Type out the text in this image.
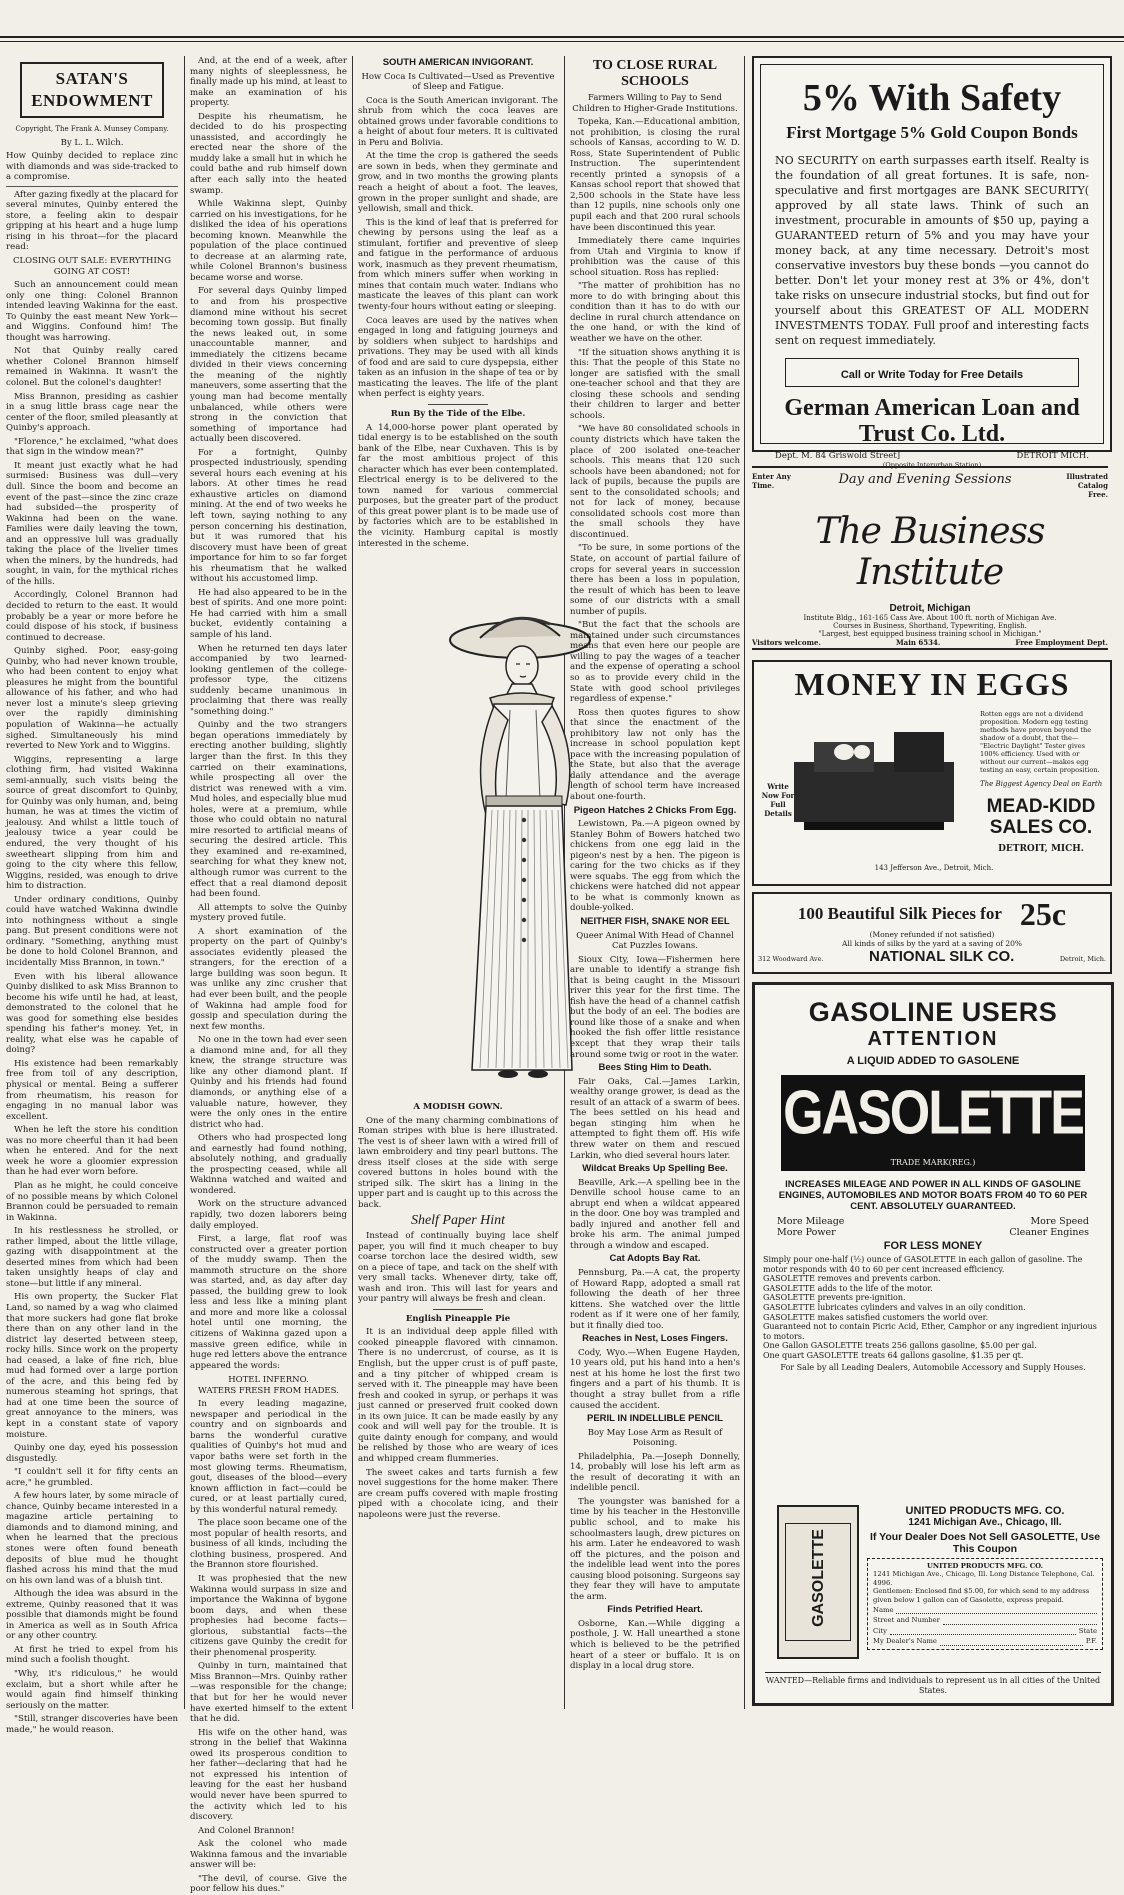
SATAN'S ENDOWMENT

Copyright, The Frank A. Munsey Company.

By L. L. Wilch.

How Quinby decided to replace zinc with diamonds and was side-tracked to a compromise.

After gazing fixedly at the placard for several minutes, Quinby entered the store, a feeling akin to despair gripping at his heart and a huge lump rising in his throat—for the placard read:

CLOSING OUT SALE: EVERYTHING GOING AT COST!

Such an announcement could mean only one thing: Colonel Brannon intended leaving Wakinna for the east. To Quinby the east meant New York—and Wiggins. Confound him! The thought was harrowing.

Not that Quinby really cared whether Colonel Brannon himself remained in Wakinna. It wasn't the colonel. But the colonel's daughter!

Miss Brannon, presiding as cashier in a snug little brass cage near the center of the floor, smiled pleasantly at Quinby's approach.

"Florence," he exclaimed, "what does that sign in the window mean?"

It meant just exactly what he had surmised: Business was dull—very dull. Since the boom and become an event of the past—since the zinc craze had subsided—the prosperity of Wakinna had been on the wane. Families were daily leaving the town, and an oppressive lull was gradually taking the place of the livelier times when the miners, by the hundreds, had sought, in vain, for the mythical riches of the hills.

Accordingly, Colonel Brannon had decided to return to the east. It would probably be a year or more before he could dispose of his stock, if business continued to decrease.

Quinby sighed. Poor, easy-going Quinby, who had never known trouble, who had been content to enjoy what pleasures he might from the bountiful allowance of his father, and who had never lost a minute's sleep grieving over the rapidly diminishing population of Wakinna—he actually sighed. Simultaneously his mind reverted to New York and to Wiggins.

Wiggins, representing a large clothing firm, had visited Wakinna semi-annually, such visits being the source of great discomfort to Quinby, for Quinby was only human, and, being human, he was at times the victim of jealousy. And whilst a little touch of jealousy twice a year could be endured, the very thought of his sweetheart slipping from him and going to the city where this fellow, Wiggins, resided, was enough to drive him to distraction.

Under ordinary conditions, Quinby could have watched Wakinna dwindle into nothingness without a single pang. But present conditions were not ordinary. "Something, anything must be done to hold Colonel Brannon, and incidentally Miss Brannon, in town."

Even with his liberal allowance Quinby disliked to ask Miss Brannon to become his wife until he had, at least, demonstrated to the colonel that he was good for something else besides spending his father's money. Yet, in reality, what else was he capable of doing?

His existence had been remarkably free from toil of any description, physical or mental. Being a sufferer from rheumatism, his reason for engaging in no manual labor was excellent.

When he left the store his condition was no more cheerful than it had been when he entered. And for the next week he wore a gloomier expression than he had ever worn before.

Plan as he might, he could conceive of no possible means by which Colonel Brannon could be persuaded to remain in Wakinna.

In his restlessness he strolled, or rather limped, about the little village, gazing with disappointment at the deserted mines from which had been taken unsightly heaps of clay and stone—but little if any mineral.

His own property, the Sucker Flat Land, so named by a wag who claimed that more suckers had gone flat broke there than on any other land in the district lay deserted between steep, rocky hills. Since work on the property had ceased, a lake of fine rich, blue mud had formed over a large portion of the acre, and this being fed by numerous steaming hot springs, that had at one time been the source of great annoyance to the miners, was kept in a constant state of vapory moisture.

Quinby one day, eyed his possession disgustedly.

"I couldn't sell it for fifty cents an acre," he grumbled.

A few hours later, by some miracle of chance, Quinby became interested in a magazine article pertaining to diamonds and to diamond mining, and when he learned that the precious stones were often found beneath deposits of blue mud he thought flashed across his mind that the mud on his own land was of a bluish tint.

Although the idea was absurd in the extreme, Quinby reasoned that it was possible that diamonds might be found in America as well as in South Africa or any other country.

At first he tried to expel from his mind such a foolish thought.

"Why, it's ridiculous," he would exclaim, but a short while after he would again find himself thinking seriously on the matter.

"Still, stranger discoveries have been made," he would reason.

And, at the end of a week, after many nights of sleeplessness, he finally made up his mind, at least to make an examination of his property.

Despite his rheumatism, he decided to do his prospecting unassisted, and accordingly he erected near the shore of the muddy lake a small hut in which he could bathe and rub himself down after each sally into the heated swamp.

While Wakinna slept, Quinby carried on his investigations, for he disliked the idea of his operations becoming known. Meanwhile the population of the place continued to decrease at an alarming rate, while Colonel Brannon's business became worse and worse.

For several days Quinby limped to and from his prospective diamond mine without his secret becoming town gossip. But finally the news leaked out, in some unaccountable manner, and immediately the citizens became divided in their views concerning the meaning of the nightly maneuvers, some asserting that the young man had become mentally unbalanced, while others were strong in the conviction that something of importance had actually been discovered.

For a fortnight, Quinby prospected industriously, spending several hours each evening at his labors. At other times he read exhaustive articles on diamond mining. At the end of two weeks he left town, saying nothing to any person concerning his destination, but it was rumored that his discovery must have been of great importance for him to so far forget his rheumatism that he walked without his accustomed limp.

He had also appeared to be in the best of spirits. And one more point: He had carried with him a small bucket, evidently containing a sample of his land.

When he returned ten days later accompanied by two learned-looking gentlemen of the college-professor type, the citizens suddenly became unanimous in proclaiming that there was really "something doing."

Quinby and the two strangers began operations immediately by erecting another building, slightly larger than the first. In this they carried on their examinations, while prospecting all over the district was renewed with a vim. Mud holes, and especially blue mud holes, were at a premium, while those who could obtain no natural mire resorted to artificial means of securing the desired article. This they examined and re-examined, searching for what they knew not, although rumor was current to the effect that a real diamond deposit had been found.

All attempts to solve the Quinby mystery proved futile.

A short examination of the property on the part of Quinby's associates evidently pleased the strangers, for the erection of a large building was soon begun. It was unlike any zinc crusher that had ever been built, and the people of Wakinna had ample food for gossip and speculation during the next few months.

No one in the town had ever seen a diamond mine and, for all they knew, the strange structure was like any other diamond plant. If Quinby and his friends had found diamonds, or anything else of a valuable nature, however, they were the only ones in the entire district who had.

Others who had prospected long and earnestly had found nothing, absolutely nothing, and gradually the prospecting ceased, while all Wakinna watched and waited and wondered.

Work on the structure advanced rapidly, two dozen laborers being daily employed.

First, a large, flat roof was constructed over a greater portion of the muddy swamp. Then the mammoth structure on the shore was started, and, as day after day passed, the building grew to look less and less like a mining plant and more and more like a colossal hotel until one morning, the citizens of Wakinna gazed upon a massive green edifice, while in huge red letters above the entrance appeared the words:

HOTEL INFERNO.

WATERS FRESH FROM HADES.

In every leading magazine, newspaper and periodical in the country and on signboards and barns the wonderful curative qualities of Quinby's hot mud and vapor baths were set forth in the most glowing terms. Rheumatism, gout, diseases of the blood—every known affliction in fact—could be cured, or at least partially cured, by this wonderful natural remedy.

The place soon became one of the most popular of health resorts, and business of all kinds, including the clothing business, prospered. And the Brannon store flourished.

It was prophesied that the new Wakinna would surpass in size and importance the Wakinna of bygone boom days, and when these prophesies had become facts—glorious, substantial facts—the citizens gave Quinby the credit for their phenomenal prosperity.

Quinby in turn, maintained that Miss Brannon—Mrs. Quinby rather—was responsible for the change; that but for her he would never have exerted himself to the extent that he did.

His wife on the other hand, was strong in the belief that Wakinna owed its prosperous condition to her father—declaring that had he not expressed his intention of leaving for the east her husband would never have been spurred to the activity which led to his discovery.

And Colonel Brannon!

Ask the colonel who made Wakinna famous and the invariable answer will be:

"The devil, of course. Give the poor fellow his dues."

SOUTH AMERICAN INVIGORANT.

How Coca Is Cultivated—Used as Preventive of Sleep and Fatigue.

Coca is the South American invigorant. The shrub from which the coca leaves are obtained grows under favorable conditions to a height of about four meters. It is cultivated in Peru and Bolivia.

At the time the crop is gathered the seeds are sown in beds, when they germinate and grow, and in two months the growing plants reach a height of about a foot. The leaves, grown in the proper sunlight and shade, are yellowish, small and thick.

This is the kind of leaf that is preferred for chewing by persons using the leaf as a stimulant, fortifier and preventive of sleep and fatigue in the performance of arduous work, inasmuch as they prevent rheumatism, from which miners suffer when working in mines that contain much water. Indians who masticate the leaves of this plant can work twenty-four hours without eating or sleeping.

Coca leaves are used by the natives when engaged in long and fatiguing journeys and by soldiers when subject to hardships and privations. They may be used with all kinds of food and are said to cure dyspepsia, either taken as an infusion in the shape of tea or by masticating the leaves. The life of the plant when perfect is eighty years.

Run By the Tide of the Elbe.

A 14,000-horse power plant operated by tidal energy is to be established on the south bank of the Elbe, near Cuxhaven. This is by far the most ambitious project of this character which has ever been contemplated. Electrical energy is to be delivered to the town named for various commercial purposes, but the greater part of the product of this great power plant is to be made use of by factories which are to be established in the vicinity. Hamburg capital is mostly interested in the scheme.

A MODISH GOWN.

One of the many charming combinations of Roman stripes with blue is here illustrated. The vest is of sheer lawn with a wired frill of lawn embroidery and tiny pearl buttons. The dress itself closes at the side with serge covered buttons in holes bound with the striped silk. The skirt has a lining in the upper part and is caught up to this across the back.

Shelf Paper Hint

Instead of continually buying lace shelf paper, you will find it much cheaper to buy coarse torchon lace the desired width, sew on a piece of tape, and tack on the shelf with very small tacks. Whenever dirty, take off, wash and iron. This will last for years and your pantry will always be fresh and clean.

English Pineapple Pie

It is an individual deep apple filled with cooked pineapple flavored with cinnamon. There is no undercrust, of course, as it is English, but the upper crust is of puff paste, and a tiny pitcher of whipped cream is served with it. The pineapple may have been fresh and cooked in syrup, or perhaps it was just canned or preserved fruit cooked down in its own juice. It can be made easily by any cook and will well pay for the trouble. It is quite dainty enough for company, and would be relished by those who are weary of ices and whipped cream flummeries.

The sweet cakes and tarts furnish a few novel suggestions for the home maker. There are cream puffs covered with maple frosting piped with a chocolate icing, and their napoleons were just the reverse.

TO CLOSE RURAL SCHOOLS

Farmers Willing to Pay to Send Children to Higher-Grade Institutions.

Topeka, Kan.—Educational ambition, not prohibition, is closing the rural schools of Kansas, according to W. D. Ross, State Superintendent of Public Instruction. The superintendent recently printed a synopsis of a Kansas school report that showed that 2,500 schools in the State have less than 12 pupils, nine schools only one pupil each and that 200 rural schools have been discontinued this year.

Immediately there came inquiries from Utah and Virginia to know if prohibition was the cause of this school situation. Ross has replied:

"The matter of prohibition has no more to do with bringing about this condition than it has to do with our decline in rural church attendance on the one hand, or with the kind of weather we have on the other.

"If the situation shows anything it is this: That the people of this State no longer are satisfied with the small one-teacher school and that they are closing these schools and sending their children to larger and better schools.

"We have 80 consolidated schools in county districts which have taken the place of 200 isolated one-teacher schools. This means that 120 such schools have been abandoned; not for lack of pupils, because the pupils are sent to the consolidated schools; and not for lack of money, because consolidated schools cost more than the small schools they have discontinued.

"To be sure, in some portions of the State, on account of partial failure of crops for several years in succession there has been a loss in population, the result of which has been to leave some of our districts with a small number of pupils.

"But the fact that the schools are maintained under such circumstances means that even here our people are willing to pay the wages of a teacher and the expense of operating a school so as to provide every child in the State with good school privileges regardless of expense."

Ross then quotes figures to show that since the enactment of the prohibitory law not only has the increase in school population kept pace with the increasing population of the State, but also that the average daily attendance and the average length of school term have increased about one-fourth.

Pigeon Hatches 2 Chicks From Egg.

Lewistown, Pa.—A pigeon owned by Stanley Bohm of Bowers hatched two chickens from one egg laid in the pigeon's nest by a hen. The pigeon is caring for the two chicks as if they were squabs. The egg from which the chickens were hatched did not appear to be what is commonly known as double-yolked.

NEITHER FISH, SNAKE NOR EEL

Queer Animal With Head of Channel Cat Puzzles Iowans.

Sioux City, Iowa—Fishermen here are unable to identify a strange fish that is being caught in the Missouri river this year for the first time. The fish have the head of a channel catfish but the body of an eel. The bodies are round like those of a snake and when hooked the fish offer little resistance except that they wrap their tails around some twig or root in the water.

Bees Sting Him to Death.

Fair Oaks, Cal.—James Larkin, wealthy orange grower, is dead as the result of an attack of a swarm of bees. The bees settled on his head and began stinging him when he attempted to fight them off. His wife threw water on them and rescued Larkin, who died several hours later.

Wildcat Breaks Up Spelling Bee.

Beaville, Ark.—A spelling bee in the Denville school house came to an abrupt end when a wildcat appeared in the door. One boy was trampled and badly injured and another fell and broke his arm. The animal jumped through a window and escaped.

Cat Adopts Bay Rat.

Pennsburg, Pa.—A cat, the property of Howard Rapp, adopted a small rat following the death of her three kittens. She watched over the little rodent as if it were one of her family, but it finally died too.

Reaches in Nest, Loses Fingers.

Cody, Wyo.—When Eugene Hayden, 10 years old, put his hand into a hen's nest at his home he lost the first two fingers and a part of his thumb. It is thought a stray bullet from a rifle caused the accident.

PERIL IN INDELLIBLE PENCIL

Boy May Lose Arm as Result of Poisoning.

Philadelphia, Pa.—Joseph Donnelly, 14, probably will lose his left arm as the result of decorating it with an indelible pencil.

The youngster was banished for a time by his teacher in the Hestonville public school, and to make his schoolmasters laugh, drew pictures on his arm. Later he endeavored to wash off the pictures, and the poison and the indelible lead went into the pores causing blood poisoning. Surgeons say they fear they will have to amputate the arm.

Finds Petrified Heart.

Osborne, Kan.—While digging a posthole, J. W. Hall unearthed a stone which is believed to be the petrified heart of a steer or buffalo. It is on display in a local drug store.

5% With Safety
First Mortgage 5% Gold Coupon Bonds
NO SECURITY on earth surpasses earth itself. Realty is the foundation of all great fortunes. It is safe, non-speculative and first mortgages are BANK SECURITY( approved by all state laws. Think of such an investment, procurable in amounts of $50 up, paying a GUARANTEED return of 5% and you may have your money back, at any time necessary. Detroit's most conservative investors buy these bonds —you cannot do better. Don't let your money rest at 3% or 4%, don't take risks on unsecure industrial stocks, but find out for yourself about this GREATEST OF ALL MODERN INVESTMENTS TODAY. Full proof and interesting facts sent on request immediately.
Call or Write Today for Free Details
German American Loan and Trust Co. Ltd.
Dept. M. 84 Griswold Street]	DETROIT MICH.
(Opposite Interurban Station)
Enter Any Time.	Day and Evening Sessions	Illustrated Catalog Free.
The Business Institute
Detroit, Michigan
Institute Bldg., 161-165 Cass Ave. About 100 ft. north of Michigan Ave.
Courses in Business, Shorthand, Typewriting, English.
"Largest, best equipped business training school in Michigan."
Visitors welcome.	Main 6534.	Free Employment Dept.
MONEY IN EGGS
Write Now For Full Details
Rotten eggs are not a dividend proposition. Modern egg testing methods have proven beyond the shadow of a doubt, that the— "Electric Daylight" Tester gives 100% efficiency. Used with or without our current—makes egg testing an easy, certain proposition.
The Biggest Agency Deal on Earth
MEAD-KIDD SALES CO.
DETROIT, MICH.
143 Jefferson Ave., Detroit, Mich.
100 Beautiful Silk Pieces for 25c
(Money refunded if not satisfied)
All kinds of silks by the yard at a saving of 20%
312 Woodward Ave.	NATIONAL SILK CO.	Detroit, Mich.
GASOLINE USERS
ATTENTION
A LIQUID ADDED TO GASOLENE
GASOLETTE
TRADE MARK(REG.)
INCREASES MILEAGE AND POWER IN ALL KINDS OF GASOLINE ENGINES, AUTOMOBILES AND MOTOR BOATS FROM 40 TO 60 PER CENT. ABSOLUTELY GUARANTEED.
More Mileage
More Power
More Speed
Cleaner Engines
FOR LESS MONEY
Simply pour one-half (½) ounce of GASOLETTE in each gallon of gasoline. The motor responds with 40 to 60 per cent increased efficiency.
GASOLETTE removes and prevents carbon.
GASOLETTE adds to the life of the motor.
GASOLETTE prevents pre-ignition.
GASOLETTE lubricates cylinders and valves in an oily condition.
GASOLETTE makes satisfied customers the world over.
Guaranteed not to contain Picric Acid, Ether, Camphor or any ingredient injurious to motors.
One Gallon GASOLETTE treats 256 gallons gasoline, $5.00 per gal.
One quart GASOLETTE treats 64 gallons gasoline, $1.35 per qt.
For Sale by all Leading Dealers, Automobile Accessory and Supply Houses.
GASOLETTE
UNITED PRODUCTS MFG. CO.
1241 Michigan Ave., Chicago, Ill.
If Your Dealer Does Not Sell GASOLETTE, Use This Coupon
UNITED PRODUCTS MFG. CO.
1241 Michigan Ave., Chicago, Ill. Long Distance Telephone, Cal. 4996.
Gentlemen: Enclosed find $5.00, for which send to my address given below 1 gallon can of Gasolette, express prepaid.
Name
Street and Number
City	State
My Dealer's Name	P.F.
WANTED—Reliable firms and individuals to represent us in all cities of the United States.
